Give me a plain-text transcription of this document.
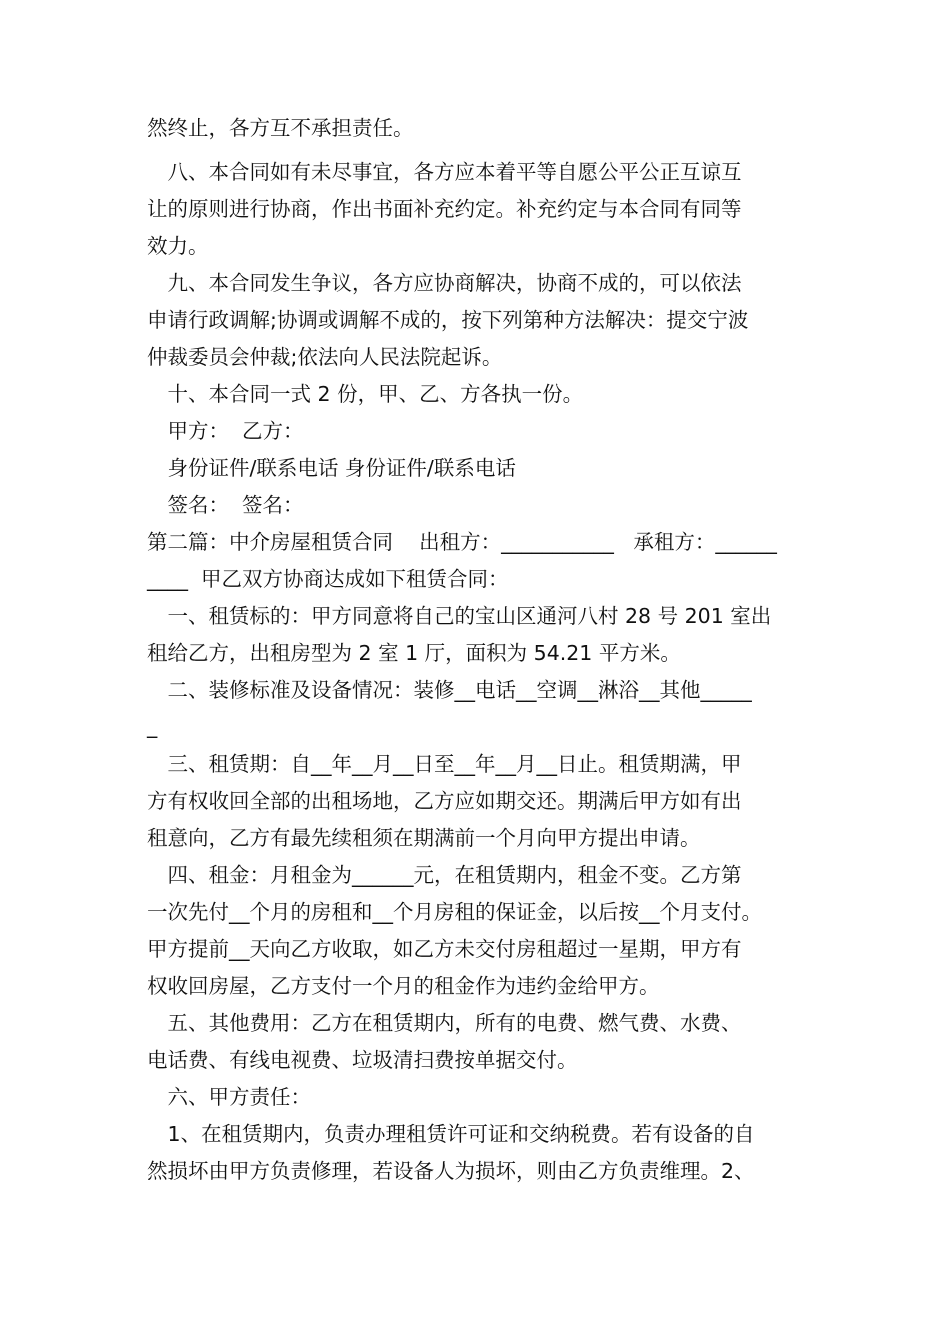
然终止，各方互不承担责任。
　八、本合同如有未尽事宜，各方应本着平等自愿公平公正互谅互
让的原则进行协商，作出书面补充约定。补充约定与本合同有同等
效力。
　九、本合同发生争议，各方应协商解决，协商不成的，可以依法
申请行政调解;协调或调解不成的，按下列第种方法解决：提交宁波
仲裁委员会仲裁;依法向人民法院起诉。
　十、本合同一式 2 份，甲、乙、方各执一份。
　甲方：  乙方：
　身份证件/联系电话 身份证件/联系电话
　签名：  签名：
第二篇：中介房屋租赁合同    出租方：___________   承租方：______
____  甲乙双方协商达成如下租赁合同：
　一、租赁标的：甲方同意将自己的宝山区通河八村 28 号 201 室出
租给乙方，出租房型为 2 室 1 厅，面积为 54.21 平方米。
　二、装修标准及设备情况：装修__电话__空调__淋浴__其他_____
_
　三、租赁期：自__年__月__日至__年__月__日止。租赁期满，甲
方有权收回全部的出租场地，乙方应如期交还。期满后甲方如有出
租意向，乙方有最先续租须在期满前一个月向甲方提出申请。
　四、租金：月租金为______元，在租赁期内，租金不变。乙方第
一次先付__个月的房租和__个月房租的保证金，以后按__个月支付。
甲方提前__天向乙方收取，如乙方未交付房租超过一星期，甲方有
权收回房屋，乙方支付一个月的租金作为违约金给甲方。
　五、其他费用：乙方在租赁期内，所有的电费、燃气费、水费、
电话费、有线电视费、垃圾清扫费按单据交付。
　六、甲方责任：
　1、在租赁期内，负责办理租赁许可证和交纳税费。若有设备的自
然损坏由甲方负责修理，若设备人为损坏，则由乙方负责维理。2、
